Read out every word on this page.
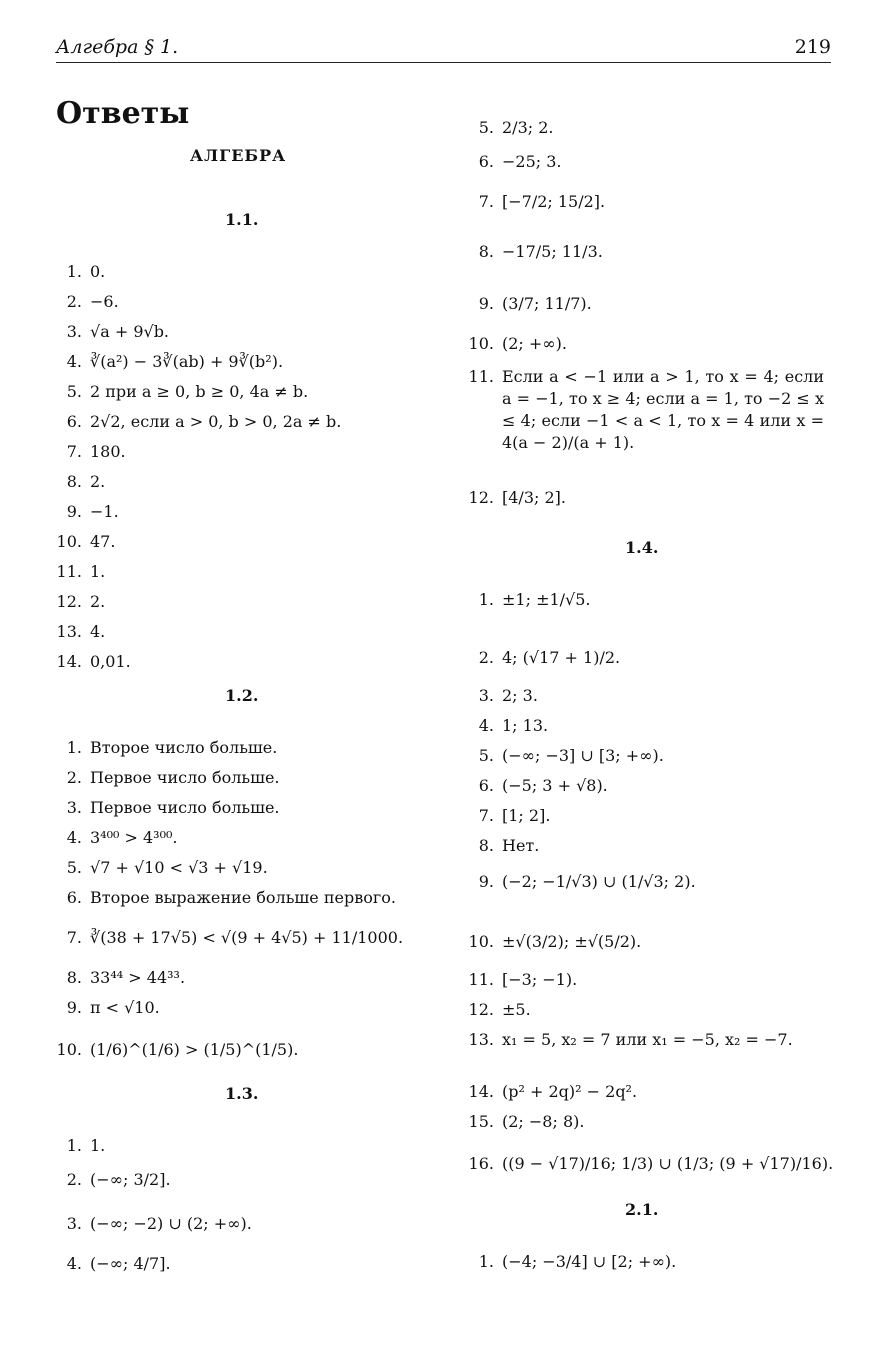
Алгебра § 1.	219
Ответы
АЛГЕБРА
1.1.
1. 0.
2. −6.
3. √a + 9√b.
4. ∛(a²) − 3∛(ab) + 9∛(b²).
5. 2 при a ≥ 0, b ≥ 0, 4a ≠ b.
6. 2√2, если a > 0, b > 0, 2a ≠ b.
7. 180.
8. 2.
9. −1.
10. 47.
11. 1.
12. 2.
13. 4.
14. 0,01.
1.2.
1. Второе число больше.
2. Первое число больше.
3. Первое число больше.
4. 3⁴⁰⁰ > 4³⁰⁰.
5. √7 + √10 < √3 + √19.
6. Второе выражение больше первого.
7. ∛(38 + 17√5) < √(9 + 4√5) + 11/1000.
8. 33⁴⁴ > 44³³.
9. π < √10.
10. (1/6)^(1/6) > (1/5)^(1/5).
1.3.
1. 1.
2. (−∞; 3/2].
3. (−∞; −2) ∪ (2; +∞).
4. (−∞; 4/7].
5. 2/3; 2.
6. −25; 3.
7. [−7/2; 15/2].
8. −17/5; 11/3.
9. (3/7; 11/7).
10. (2; +∞).
11. Если a < −1 или a > 1, то x = 4; если a = −1, то x ≥ 4; если a = 1, то −2 ≤ x ≤ 4; если −1 < a < 1, то x = 4 или x = 4(a − 2)/(a + 1).
12. [4/3; 2].
1.4.
1. ±1; ±1/√5.
2. 4; (√17 + 1)/2.
3. 2; 3.
4. 1; 13.
5. (−∞; −3] ∪ [3; +∞).
6. (−5; 3 + √8).
7. [1; 2].
8. Нет.
9. (−2; −1/√3) ∪ (1/√3; 2).
10. ±√(3/2); ±√(5/2).
11. [−3; −1).
12. ±5.
13. x₁ = 5, x₂ = 7 или x₁ = −5, x₂ = −7.
14. (p² + 2q)² − 2q².
15. (2; −8; 8).
16. ((9 − √17)/16; 1/3) ∪ (1/3; (9 + √17)/16).
2.1.
1. (−4; −3/4] ∪ [2; +∞).
